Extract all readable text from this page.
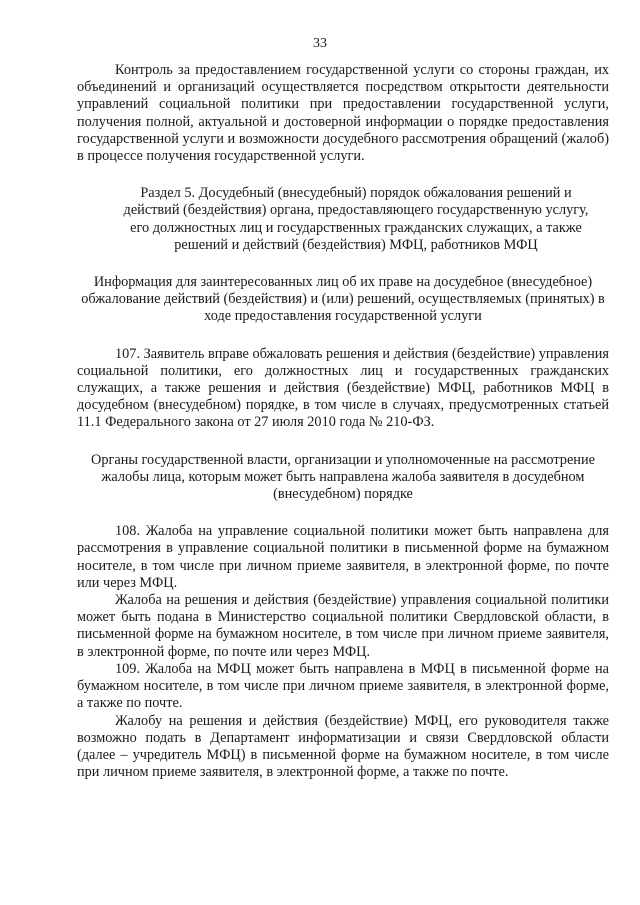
33

Контроль за предоставлением государственной услуги со стороны граждан, их объединений и организаций осуществляется посредством открытости деятельности управлений социальной политики при предоставлении государственной услуги, получения полной, актуальной и достоверной информации о порядке предоставления государственной услуги и возможности досудебного рассмотрения обращений (жалоб) в процессе получения государственной услуги.

Раздел 5. Досудебный (внесудебный) порядок обжалования решений и действий (бездействия) органа, предоставляющего государственную услугу, его должностных лиц и государственных гражданских служащих, а также решений и действий (бездействия) МФЦ, работников МФЦ

Информация для заинтересованных лиц об их праве на досудебное (внесудебное) обжалование действий (бездействия) и (или) решений, осуществляемых (принятых) в ходе предоставления государственной услуги

107. Заявитель вправе обжаловать решения и действия (бездействие) управления социальной политики, его должностных лиц и государственных гражданских служащих, а также решения и действия (бездействие) МФЦ, работников МФЦ в досудебном (внесудебном) порядке, в том числе в случаях, предусмотренных статьей 11.1 Федерального закона от 27 июля 2010 года № 210-ФЗ.

Органы государственной власти, организации и уполномоченные на рассмотрение жалобы лица, которым может быть направлена жалоба заявителя в досудебном (внесудебном) порядке

108. Жалоба на управление социальной политики может быть направлена для рассмотрения в управление социальной политики в письменной форме на бумажном носителе, в том числе при личном приеме заявителя, в электронной форме, по почте или через МФЦ.

Жалоба на решения и действия (бездействие) управления социальной политики может быть подана в Министерство социальной политики Свердловской области, в письменной форме на бумажном носителе, в том числе при личном приеме заявителя, в электронной форме, по почте или через МФЦ.

109. Жалоба на МФЦ может быть направлена в МФЦ в письменной форме на бумажном носителе, в том числе при личном приеме заявителя, в электронной форме, а также по почте.

Жалобу на решения и действия (бездействие) МФЦ, его руководителя также возможно подать в Департамент информатизации и связи Свердловской области (далее – учредитель МФЦ) в письменной форме на бумажном носителе, в том числе при личном приеме заявителя, в электронной форме, а также по почте.
